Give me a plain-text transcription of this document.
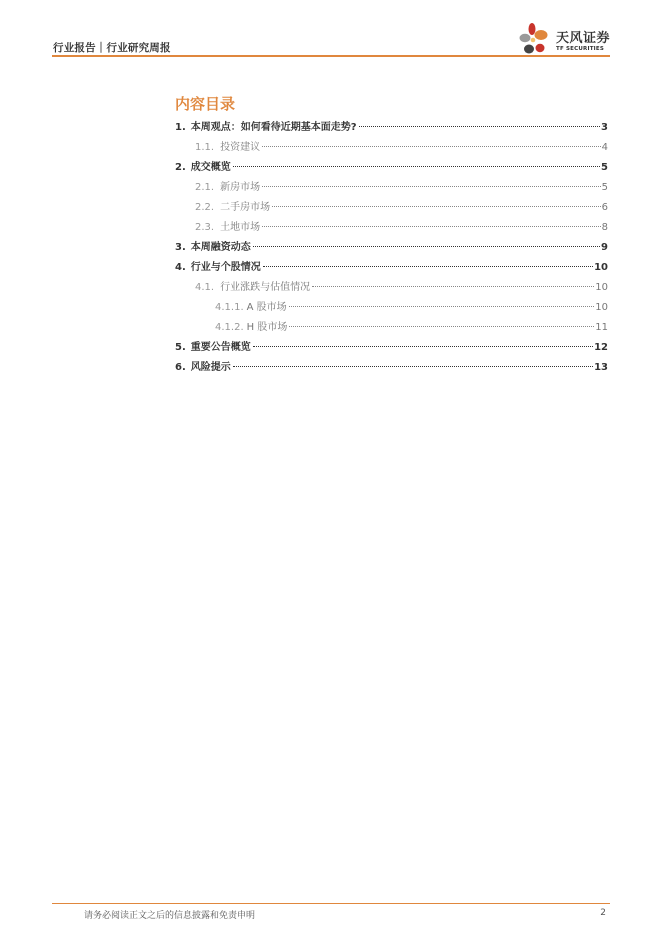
行业报告｜行业研究周报
天风证券
TF SECURITIES
内容目录
1. 本周观点：如何看待近期基本面走势?	3
1.1. 投资建议	4
2. 成交概览	5
2.1. 新房市场	5
2.2. 二手房市场	6
2.3. 土地市场	8
3. 本周融资动态	9
4. 行业与个股情况	10
4.1. 行业涨跌与估值情况	10
4.1.1. A 股市场	10
4.1.2. H 股市场	11
5. 重要公告概览	12
6. 风险提示	13
请务必阅读正文之后的信息披露和免责申明	2
